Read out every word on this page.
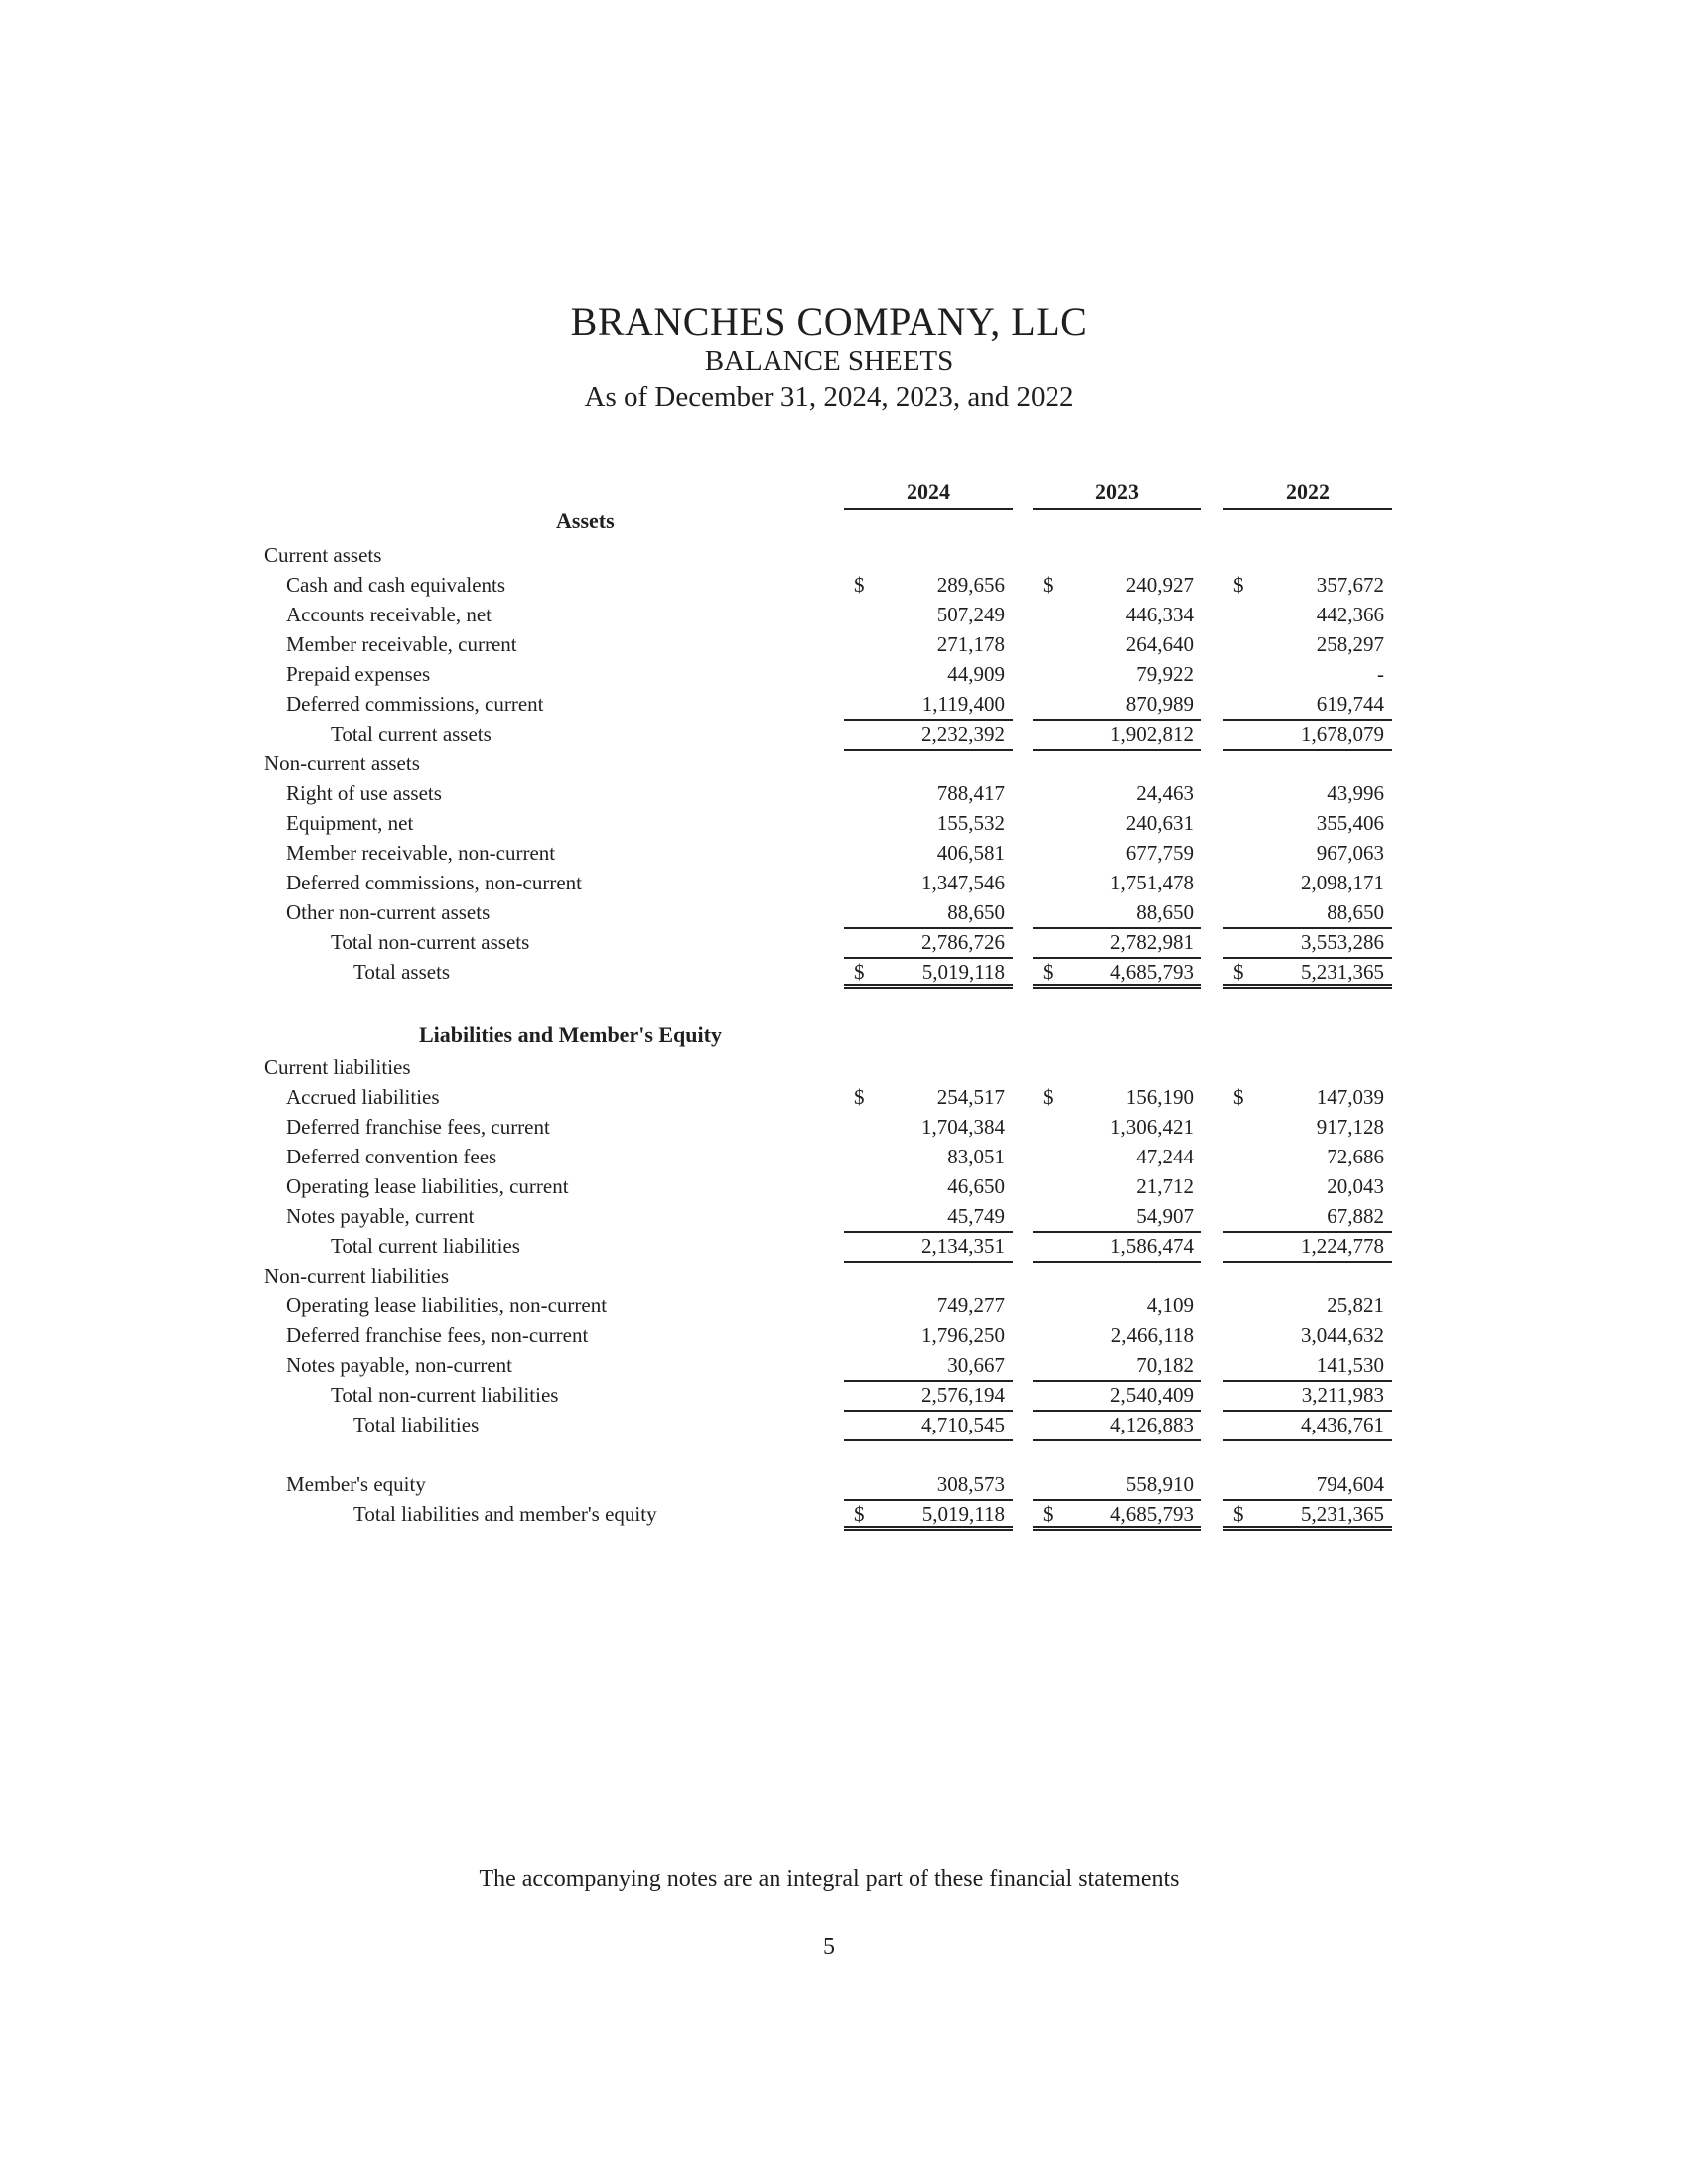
BRANCHES COMPANY, LLC
BALANCE SHEETS
As of December 31, 2024, 2023, and 2022
2024	2023	2022
Assets
Liabilities and Member's Equity
Current assets
Cash and cash equivalents	$	289,656 $	240,927 $	357,672
Accounts receivable, net	507,249	446,334	442,366
Member receivable, current	271,178	264,640	258,297
Prepaid expenses	44,909	79,922	-
Deferred commissions, current	1,119,400	870,989	619,744
Total current assets	2,232,392	1,902,812	1,678,079
Non-current assets
Right of use assets	788,417	24,463	43,996
Equipment, net	155,532	240,631	355,406
Member receivable, non-current	406,581	677,759	967,063
Deferred commissions, non-current	1,347,546	1,751,478	2,098,171
Other non-current assets	88,650	88,650	88,650
Total non-current assets	2,786,726	2,782,981	3,553,286
Total assets	$	5,019,118 $	4,685,793 $	5,231,365
Current liabilities
Accrued liabilities	$	254,517 $	156,190 $	147,039
Deferred franchise fees, current	1,704,384	1,306,421	917,128
Deferred convention fees	83,051	47,244	72,686
Operating lease liabilities, current	46,650	21,712	20,043
Notes payable, current	45,749	54,907	67,882
Total current liabilities	2,134,351	1,586,474	1,224,778
Non-current liabilities
Operating lease liabilities, non-current	749,277	4,109	25,821
Deferred franchise fees, non-current	1,796,250	2,466,118	3,044,632
Notes payable, non-current	30,667	70,182	141,530
Total non-current liabilities	2,576,194	2,540,409	3,211,983
Total liabilities	4,710,545	4,126,883	4,436,761
Member's equity	308,573	558,910	794,604
Total liabilities and member's equity	$	5,019,118 $	4,685,793 $	5,231,365
The accompanying notes are an integral part of these financial statements
5
